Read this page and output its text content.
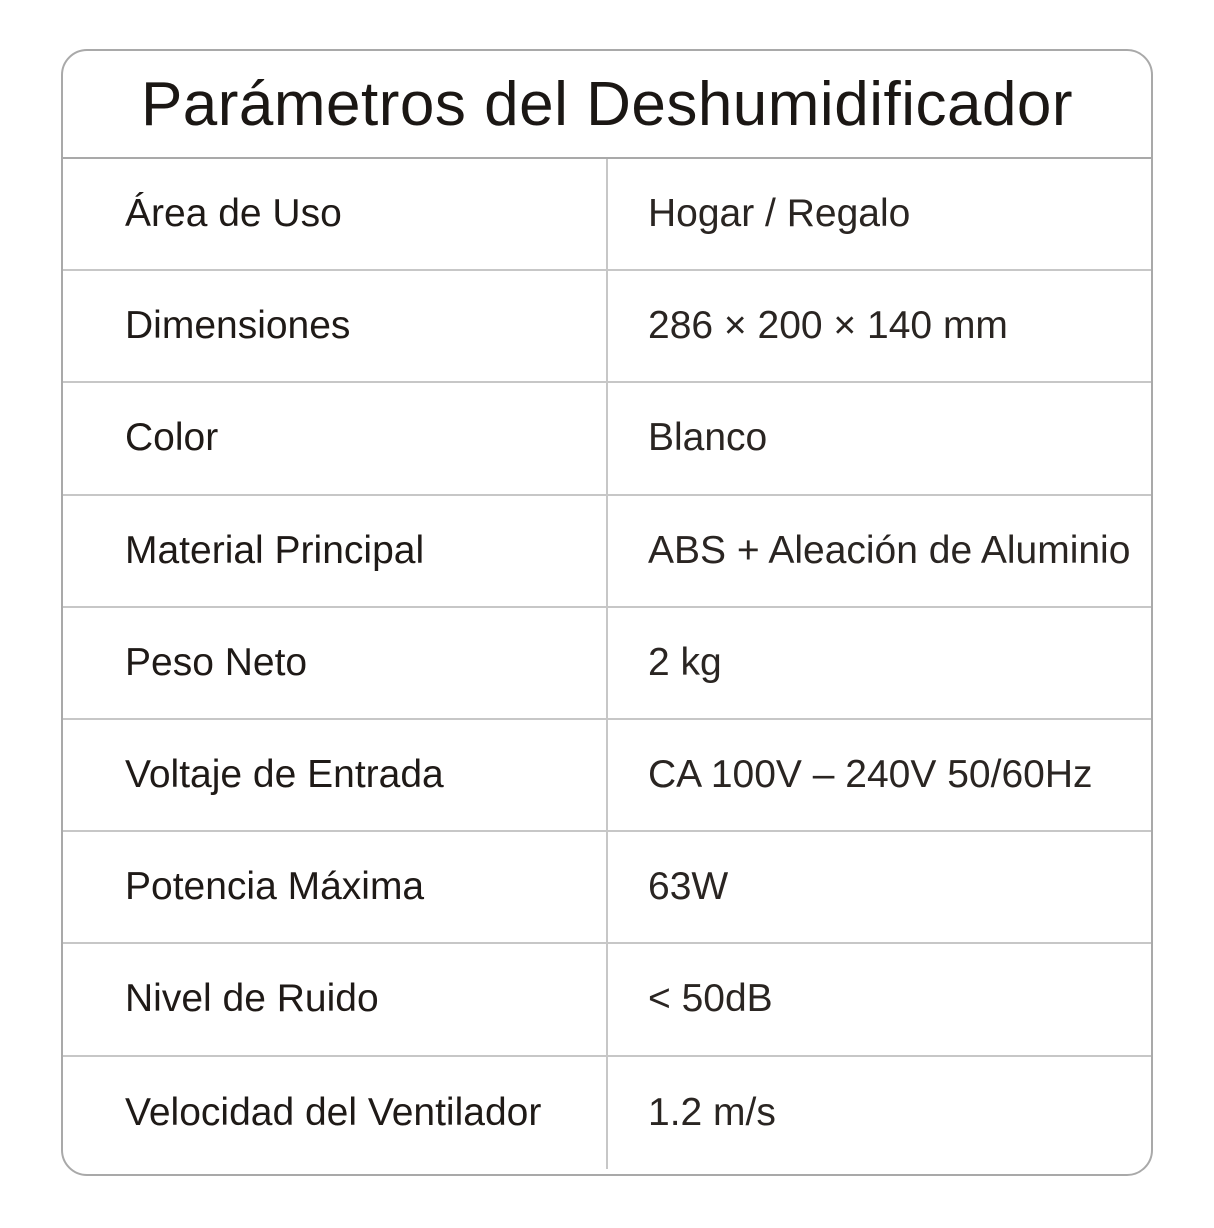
Parámetros del Deshumidificador
Área de Uso	Hogar / Regalo
Dimensiones	286 × 200 × 140 mm
Color	Blanco
Material Principal	ABS + Aleación de Aluminio
Peso Neto	2 kg
Voltaje de Entrada	CA 100V – 240V 50/60Hz
Potencia Máxima	63W
Nivel de Ruido	< 50dB
Velocidad del Ventilador	1.2 m/s
